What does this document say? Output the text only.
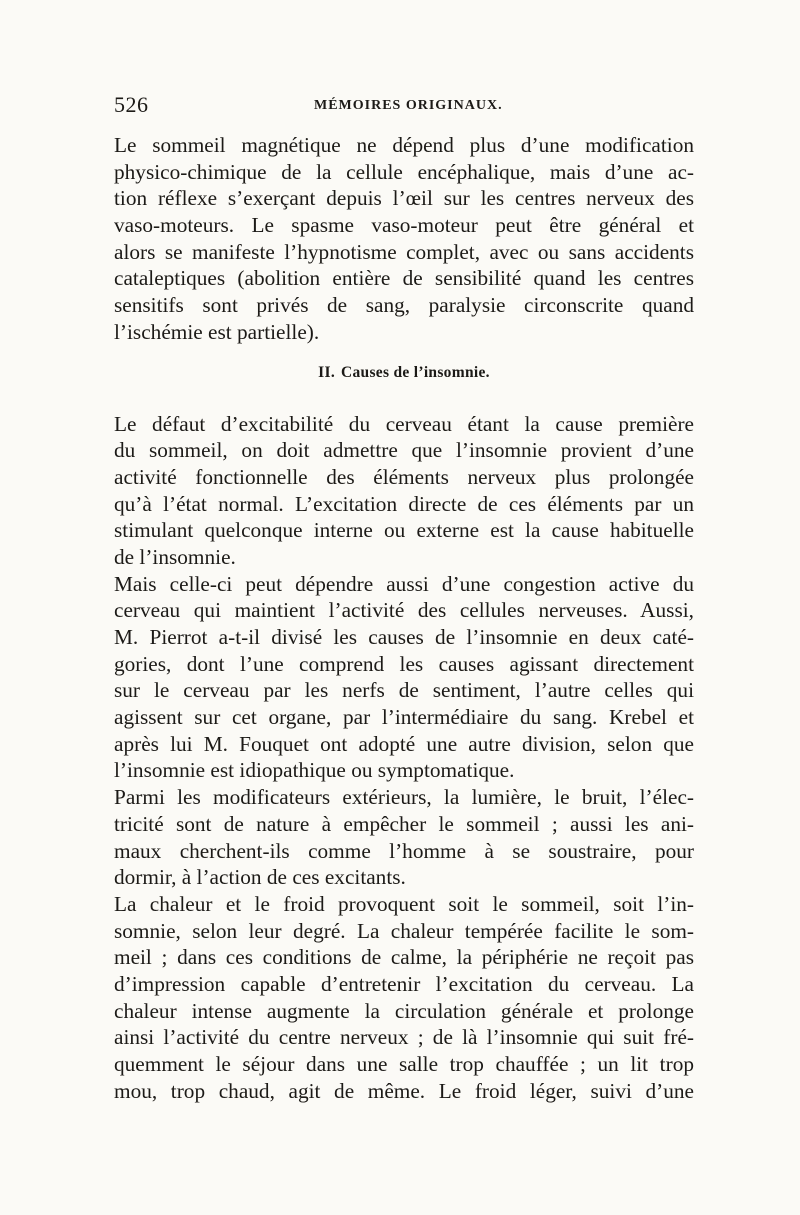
526	MÉMOIRES ORIGINAUX.
Le sommeil magnétique ne dépend plus d’une modification
physico-chimique de la cellule encéphalique, mais d’une ac-
tion réflexe s’exerçant depuis l’œil sur les centres nerveux des
vaso-moteurs. Le spasme vaso-moteur peut être général et
alors se manifeste l’hypnotisme complet, avec ou sans accidents
cataleptiques (abolition entière de sensibilité quand les centres
sensitifs sont privés de sang, paralysie circonscrite quand
l’ischémie est partielle).
II. Causes de l’insomnie.
Le défaut d’excitabilité du cerveau étant la cause première
du sommeil, on doit admettre que l’insomnie provient d’une
activité fonctionnelle des éléments nerveux plus prolongée
qu’à l’état normal. L’excitation directe de ces éléments par un
stimulant quelconque interne ou externe est la cause habituelle
de l’insomnie.
Mais celle-ci peut dépendre aussi d’une congestion active du
cerveau qui maintient l’activité des cellules nerveuses. Aussi,
M. Pierrot a-t-il divisé les causes de l’insomnie en deux caté-
gories, dont l’une comprend les causes agissant directement
sur le cerveau par les nerfs de sentiment, l’autre celles qui
agissent sur cet organe, par l’intermédiaire du sang. Krebel et
après lui M. Fouquet ont adopté une autre division, selon que
l’insomnie est idiopathique ou symptomatique.
Parmi les modificateurs extérieurs, la lumière, le bruit, l’élec-
tricité sont de nature à empêcher le sommeil ; aussi les ani-
maux cherchent-ils comme l’homme à se soustraire, pour
dormir, à l’action de ces excitants.
La chaleur et le froid provoquent soit le sommeil, soit l’in-
somnie, selon leur degré. La chaleur tempérée facilite le som-
meil ; dans ces conditions de calme, la périphérie ne reçoit pas
d’impression capable d’entretenir l’excitation du cerveau. La
chaleur intense augmente la circulation générale et prolonge
ainsi l’activité du centre nerveux ; de là l’insomnie qui suit fré-
quemment le séjour dans une salle trop chauffée ; un lit trop
mou, trop chaud, agit de même. Le froid léger, suivi d’une
